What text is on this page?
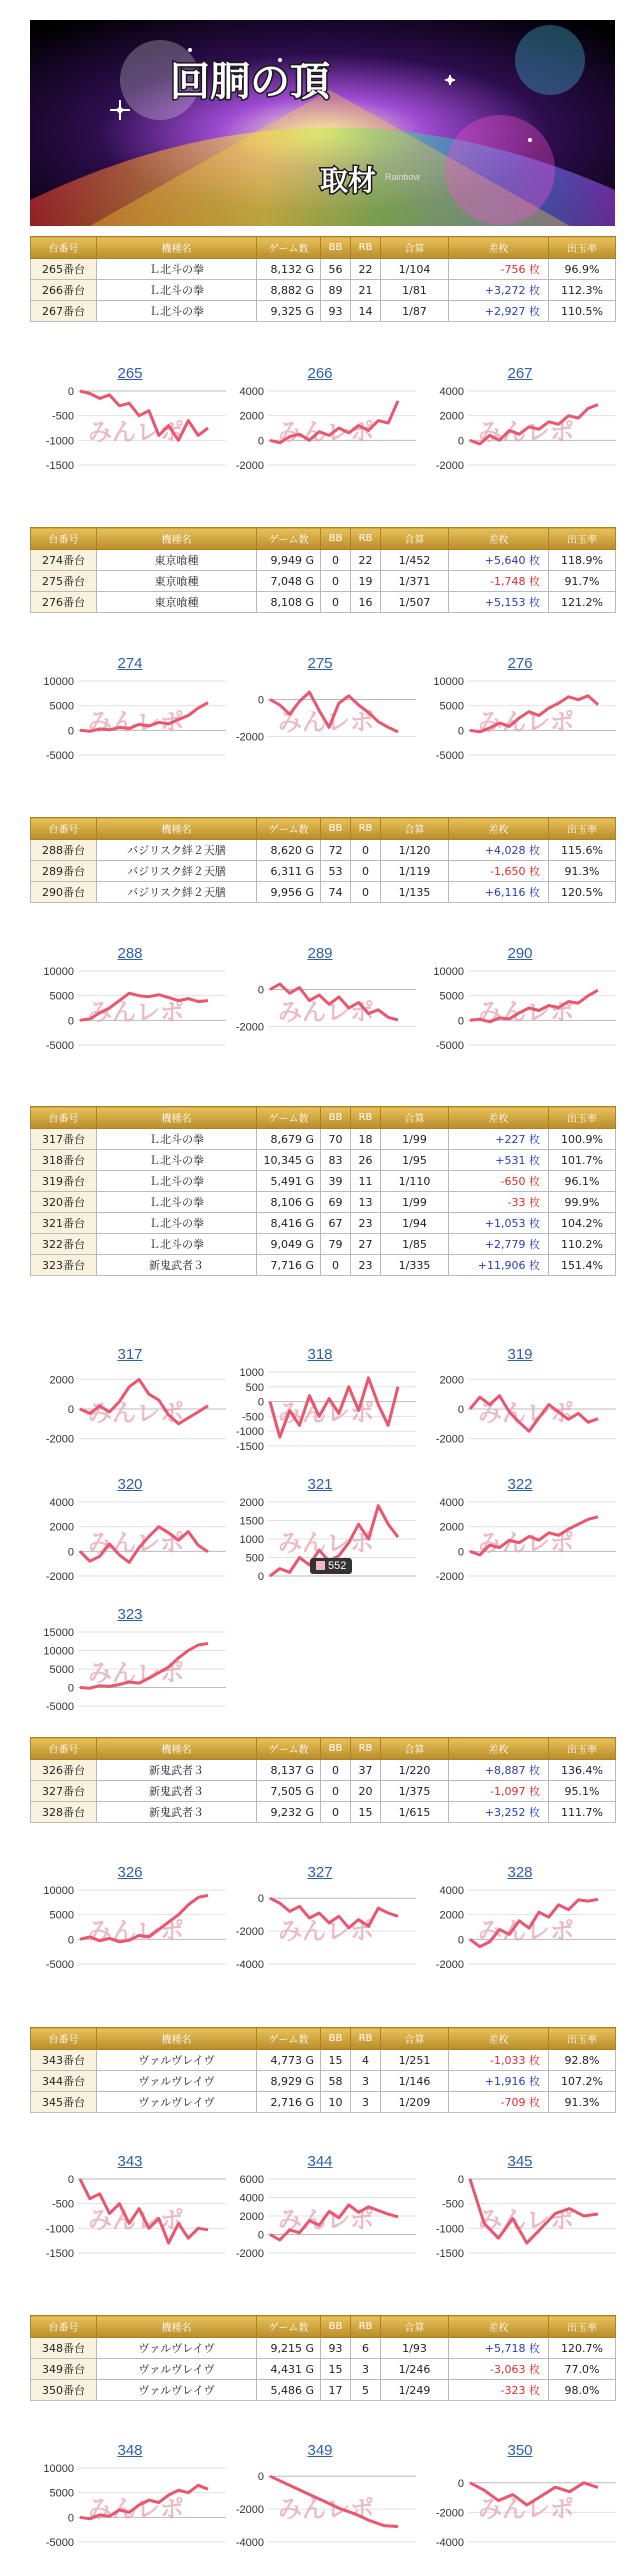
回胴の頂
取材 Rainbow
台番号	機種名	ゲーム数	BB	RB	合算	差枚	出玉率
265番台	Ｌ北斗の拳	8,132 G	56	22	1/104	-756 枚	96.9%
266番台	Ｌ北斗の拳	8,882 G	89	21	1/81	+3,272 枚	112.3%
267番台	Ｌ北斗の拳	9,325 G	93	14	1/87	+2,927 枚	110.5%
0
-500
-1000
-1500
みんレポ
265
4000
2000
0
-2000
みんレポ
266
4000
2000
0
-2000
みんレポ
267
台番号	機種名	ゲーム数	BB	RB	合算	差枚	出玉率
274番台	東京喰種	9,949 G	0	22	1/452	+5,640 枚	118.9%
275番台	東京喰種	7,048 G	0	19	1/371	-1,748 枚	91.7%
276番台	東京喰種	8,108 G	0	16	1/507	+5,153 枚	121.2%
10000
5000
0
-5000
みんレポ
274
0
-2000
みんレポ
275
10000
5000
0
-5000
みんレポ
276
台番号	機種名	ゲーム数	BB	RB	合算	差枚	出玉率
288番台	バジリスク絆２天膳	8,620 G	72	0	1/120	+4,028 枚	115.6%
289番台	バジリスク絆２天膳	6,311 G	53	0	1/119	-1,650 枚	91.3%
290番台	バジリスク絆２天膳	9,956 G	74	0	1/135	+6,116 枚	120.5%
10000
5000
0
-5000
みんレポ
288
0
-2000
みんレポ
289
10000
5000
0
-5000
みんレポ
290
台番号	機種名	ゲーム数	BB	RB	合算	差枚	出玉率
317番台	Ｌ北斗の拳	8,679 G	70	18	1/99	+227 枚	100.9%
318番台	Ｌ北斗の拳	10,345 G	83	26	1/95	+531 枚	101.7%
319番台	Ｌ北斗の拳	5,491 G	39	11	1/110	-650 枚	96.1%
320番台	Ｌ北斗の拳	8,106 G	69	13	1/99	-33 枚	99.9%
321番台	Ｌ北斗の拳	8,416 G	67	23	1/94	+1,053 枚	104.2%
322番台	Ｌ北斗の拳	9,049 G	79	27	1/85	+2,779 枚	110.2%
323番台	新鬼武者３	7,716 G	0	23	1/335	+11,906 枚	151.4%
2000
0
-2000
みんレポ
317
1000
500
0
-500
-1000
-1500
みんレポ
318
2000
0
-2000
みんレポ
319
4000
2000
0
-2000
みんレポ
320
2000
1500
1000
500
0
みんレポ
321
552
4000
2000
0
-2000
みんレポ
322
15000
10000
5000
0
-5000
みんレポ
323
台番号	機種名	ゲーム数	BB	RB	合算	差枚	出玉率
326番台	新鬼武者３	8,137 G	0	37	1/220	+8,887 枚	136.4%
327番台	新鬼武者３	7,505 G	0	20	1/375	-1,097 枚	95.1%
328番台	新鬼武者３	9,232 G	0	15	1/615	+3,252 枚	111.7%
10000
5000
0
-5000
みんレポ
326
0
-2000
-4000
みんレポ
327
4000
2000
0
-2000
みんレポ
328
台番号	機種名	ゲーム数	BB	RB	合算	差枚	出玉率
343番台	ヴァルヴレイヴ	4,773 G	15	4	1/251	-1,033 枚	92.8%
344番台	ヴァルヴレイヴ	8,929 G	58	3	1/146	+1,916 枚	107.2%
345番台	ヴァルヴレイヴ	2,716 G	10	3	1/209	-709 枚	91.3%
0
-500
-1000
-1500
みんレポ
343
6000
4000
2000
0
-2000
みんレポ
344
0
-500
-1000
-1500
みんレポ
345
台番号	機種名	ゲーム数	BB	RB	合算	差枚	出玉率
348番台	ヴァルヴレイヴ	9,215 G	93	6	1/93	+5,718 枚	120.7%
349番台	ヴァルヴレイヴ	4,431 G	15	3	1/246	-3,063 枚	77.0%
350番台	ヴァルヴレイヴ	5,486 G	17	5	1/249	-323 枚	98.0%
10000
5000
0
-5000
みんレポ
348
0
-2000
-4000
みんレポ
349
0
-2000
-4000
みんレポ
350
